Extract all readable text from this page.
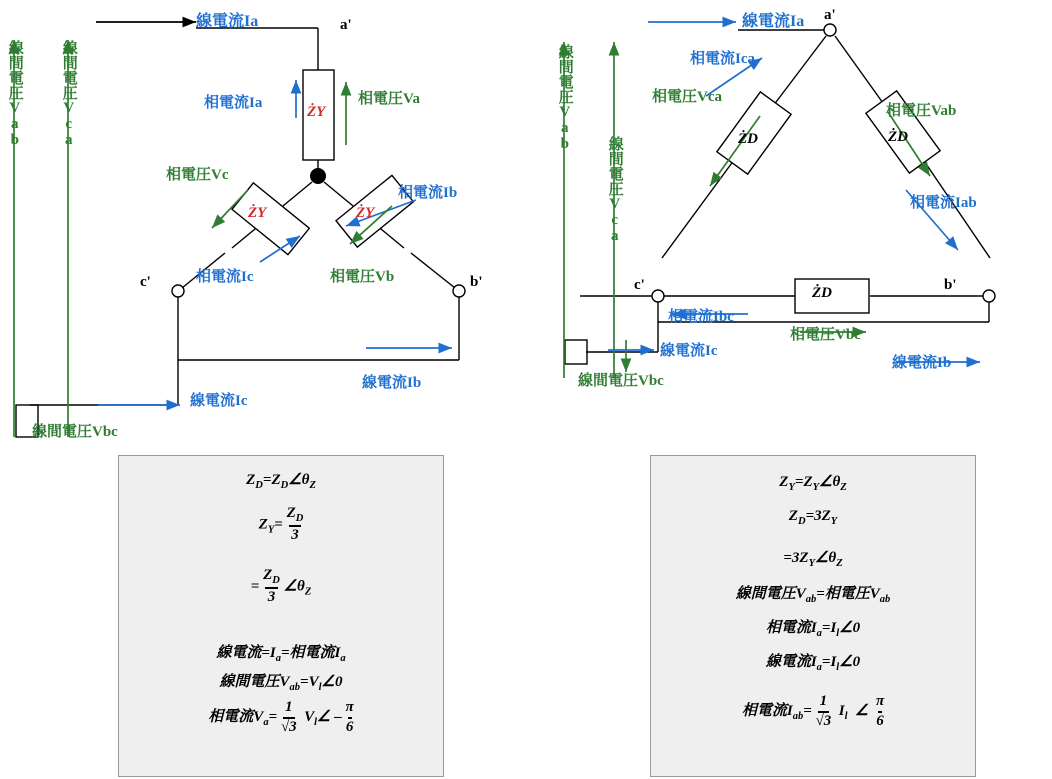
線電流Ia	a'
c'	b'
相電流Ia	相電圧Va
ŻY
相電圧Vc
相電流Ib
ŻY	ŻY
相電流Ic	相電圧Vb
線電流Ib
線電流Ic
線間電圧Vbc
線間電圧Vab	線間電圧Vca
線電流Ia a'
c'	b'
相電流Ica
相電圧Vca
相電圧Vab
相電流Iab
ŻD	ŻD
ŻD
相電流Ibc
相電圧Vbc
線電流Ic
線電流Ib
線間電圧Vbc
線間電圧Vab
線間電圧Vca
$Z_D=Z_D\angle\theta_Z$
$Z_Y= \frac{Z_D}{3}$
= $\frac{Z_D}{3}$ $\angle\theta_Z$
線電流$=I_a=$相電流$I_a$
線間電圧$V_{ab}=V_l\angle 0$
相電流$V_a= \frac{1}{√3}$ $V_l\angle - \frac{\pi}{6}$
$Z_Y=Z_Y\angle\theta_Z$
$Z_D=3Z_Y$
$=3Z_Y\angle\theta_Z$
線間電圧$V_{ab}=$相電圧$V_{ab}$
相電流$I_a=I_l\angle 0$
線電流$I_a=I_l\angle 0$
相電流$I_{ab}= \frac{1}{√3} I_l$ ∠ $\frac{\pi}{6}$
